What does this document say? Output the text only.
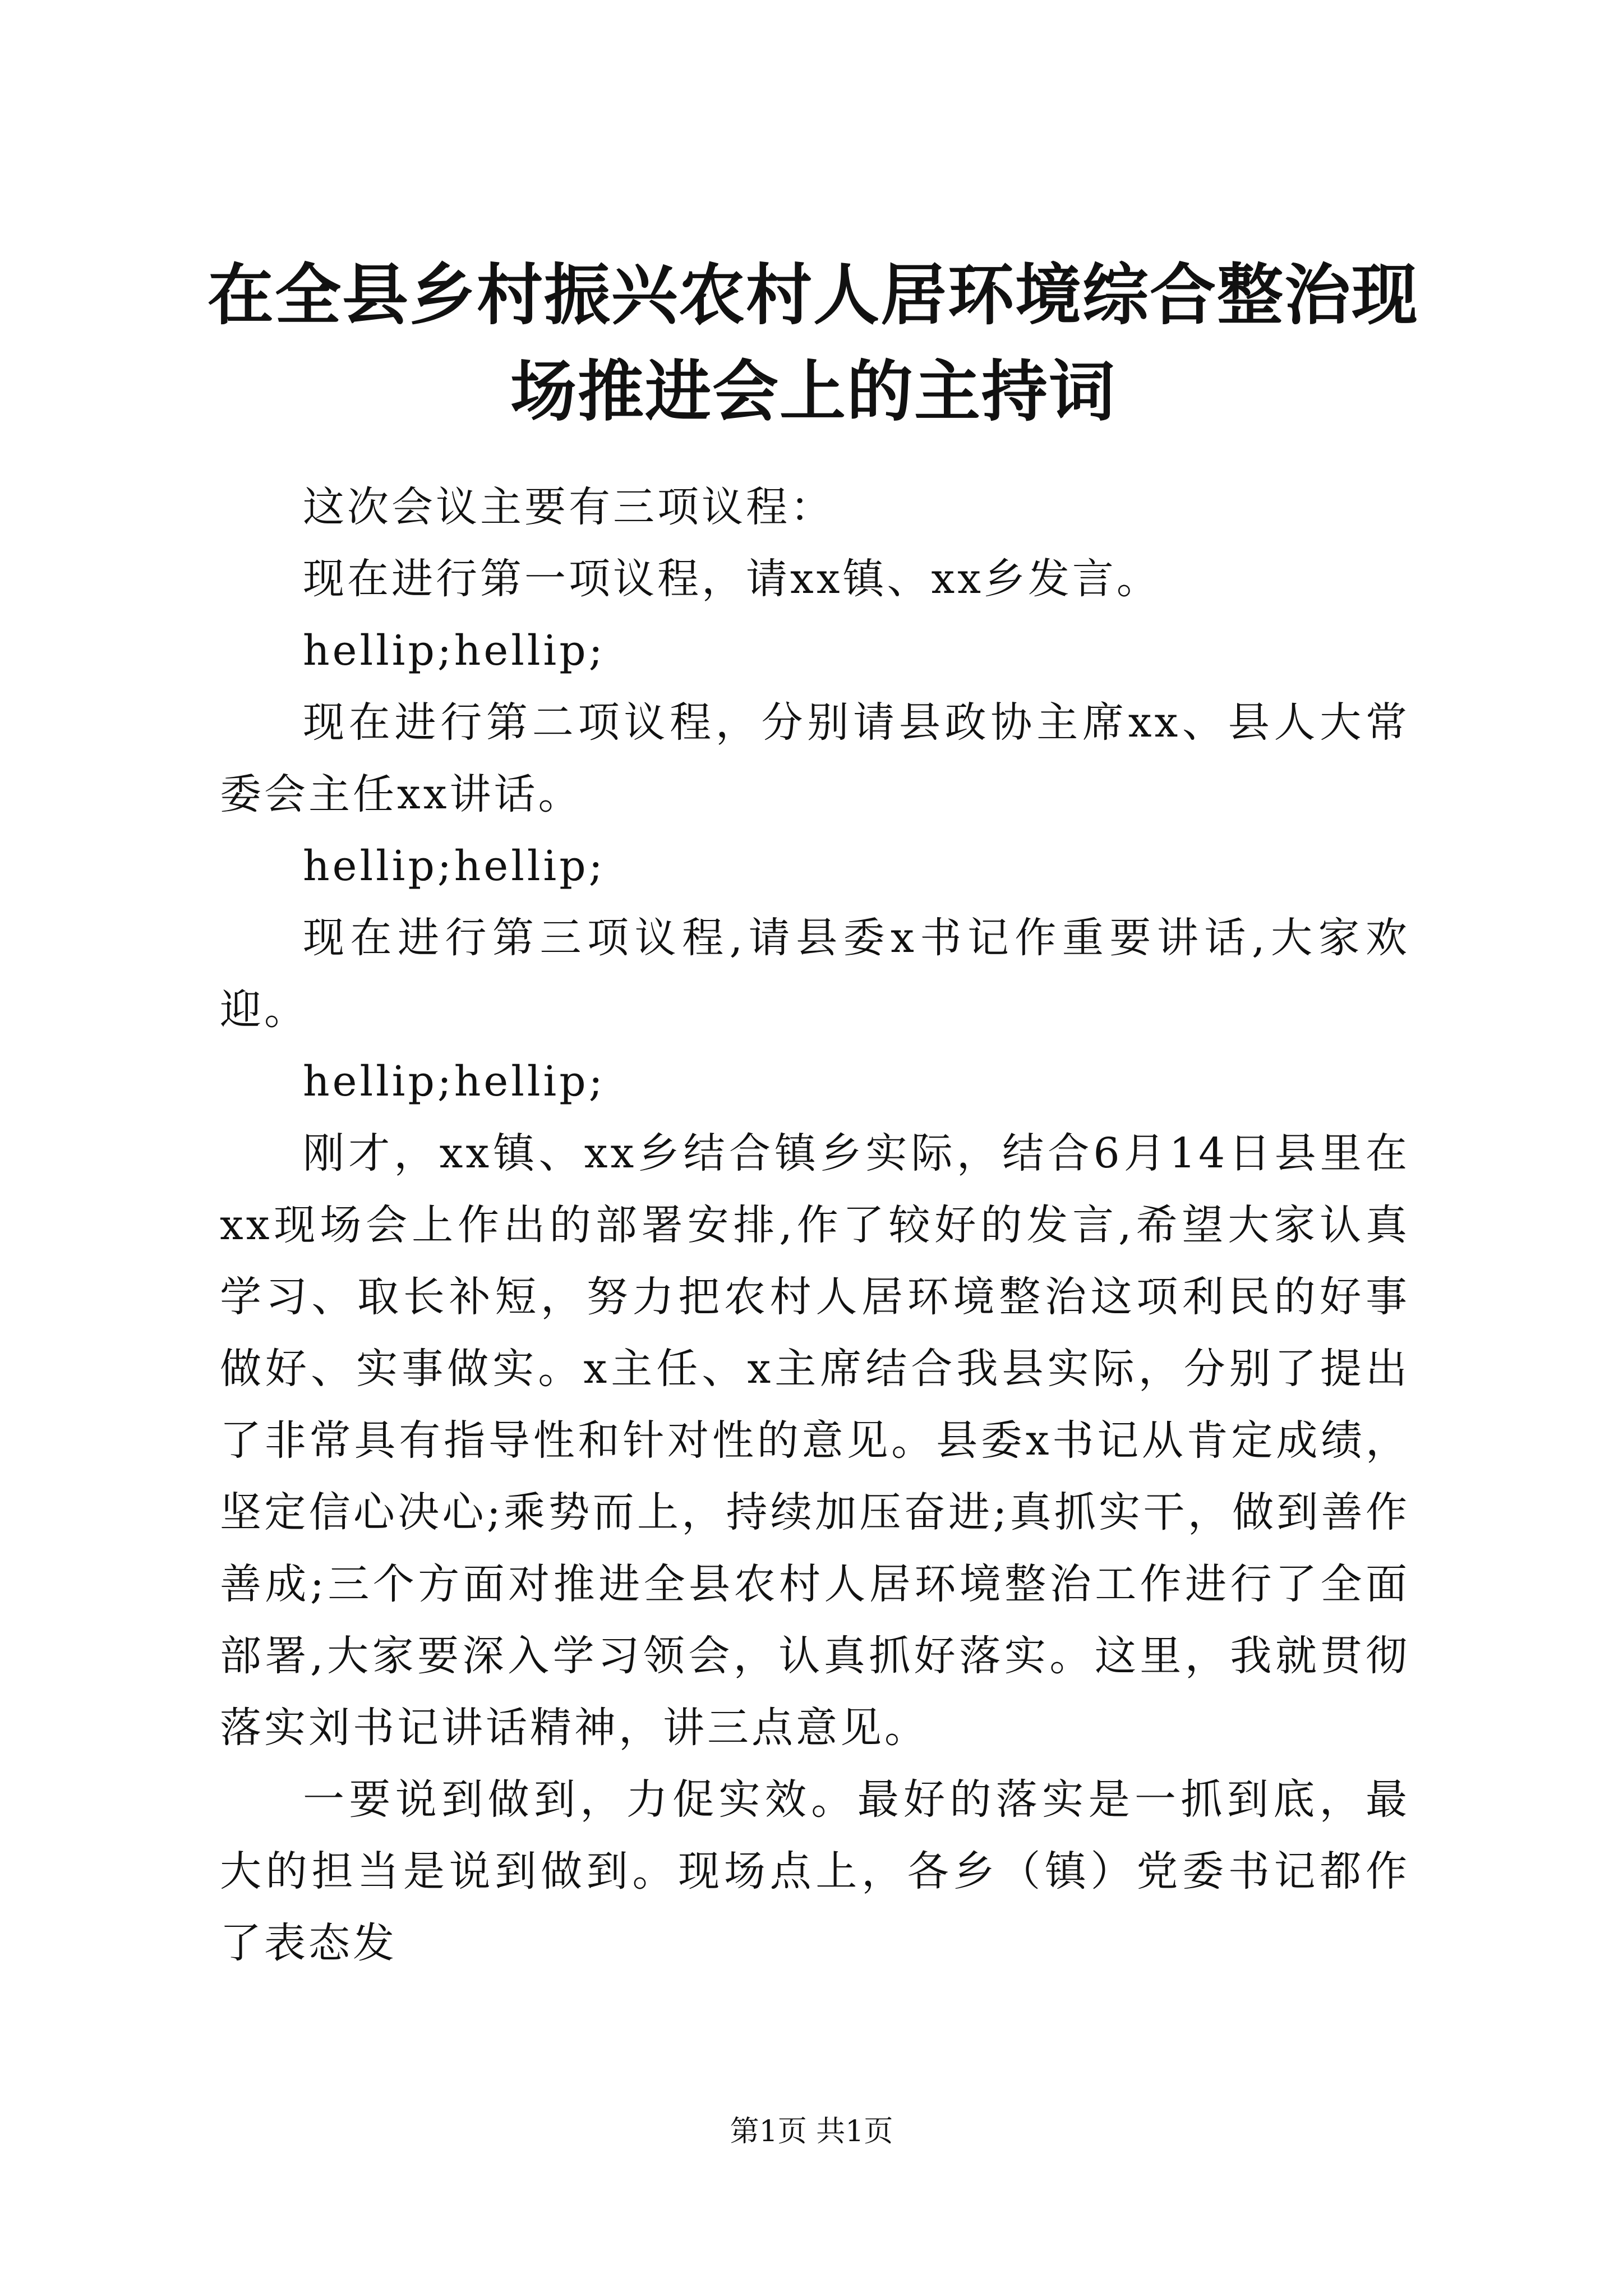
在全县乡村振兴农村人居环境综合整治现场推进会上的主持词

这次会议主要有三项议程：

现在进行第一项议程，请xx镇、xx乡发言。

hellip;hellip;

现在进行第二项议程，分别请县政协主席xx、县人大常委会主任xx讲话。

hellip;hellip;

现在进行第三项议程,请县委x书记作重要讲话,大家欢迎。

hellip;hellip;

刚才，xx镇、xx乡结合镇乡实际，结合6月14日县里在xx现场会上作出的部署安排,作了较好的发言,希望大家认真学习、取长补短，努力把农村人居环境整治这项利民的好事做好、实事做实。x主任、x主席结合我县实际，分别了提出了非常具有指导性和针对性的意见。县委x书记从肯定成绩，坚定信心决心;乘势而上，持续加压奋进;真抓实干，做到善作善成;三个方面对推进全县农村人居环境整治工作进行了全面部署,大家要深入学习领会，认真抓好落实。这里，我就贯彻落实刘书记讲话精神，讲三点意见。

一要说到做到，力促实效。最好的落实是一抓到底，最大的担当是说到做到。现场点上，各乡（镇）党委书记都作了表态发

第1页 共1页
